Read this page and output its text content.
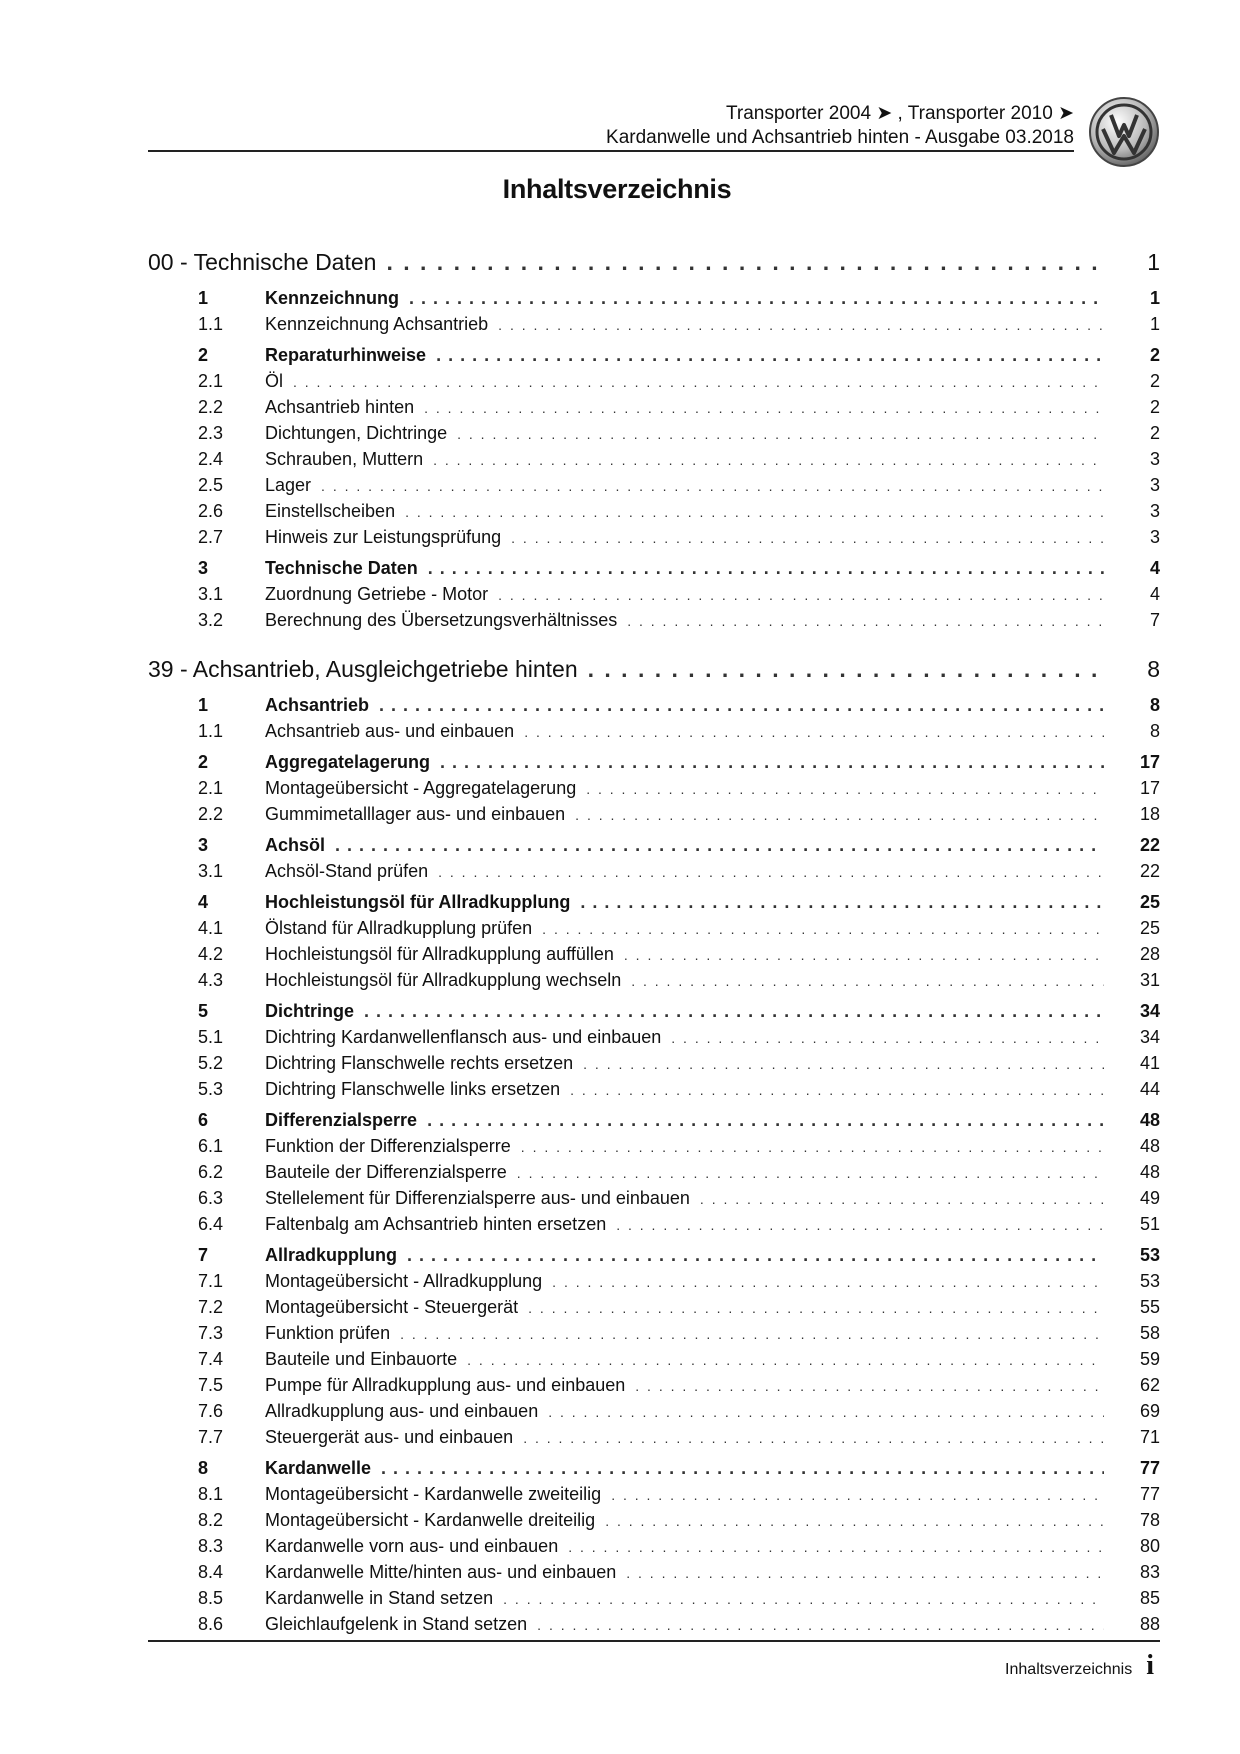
Transporter 2004 ➤ , Transporter 2010 ➤
Kardanwelle und Achsantrieb hinten - Ausgabe 03.2018
Inhaltsverzeichnis
00 - Technische Daten . . .	1
1	Kennzeichnung . . .	1
1.1	Kennzeichnung Achsantrieb . . .	1
2	Reparaturhinweise . . .	2
2.1	Öl . . .	2
2.2	Achsantrieb hinten . . .	2
2.3	Dichtungen, Dichtringe . . .	2
2.4	Schrauben, Muttern . . .	3
2.5	Lager . . .	3
2.6	Einstellscheiben . . .	3
2.7	Hinweis zur Leistungsprüfung . . .	3
3	Technische Daten . . .	4
3.1	Zuordnung Getriebe - Motor . . .	4
3.2	Berechnung des Übersetzungsverhältnisses . . .	7
39 - Achsantrieb, Ausgleichgetriebe hinten . . .	8
1	Achsantrieb . . .	8
1.1	Achsantrieb aus- und einbauen . . .	8
2	Aggregatelagerung . . .	17
2.1	Montageübersicht - Aggregatelagerung . . .	17
2.2	Gummimetalllager aus- und einbauen . . .	18
3	Achsöl . . .	22
3.1	Achsöl-Stand prüfen . . .	22
4	Hochleistungsöl für Allradkupplung . . .	25
4.1	Ölstand für Allradkupplung prüfen . . .	25
4.2	Hochleistungsöl für Allradkupplung auffüllen . . .	28
4.3	Hochleistungsöl für Allradkupplung wechseln . . .	31
5	Dichtringe . . .	34
5.1	Dichtring Kardanwellenflansch aus- und einbauen . . .	34
5.2	Dichtring Flanschwelle rechts ersetzen . . .	41
5.3	Dichtring Flanschwelle links ersetzen . . .	44
6	Differenzialsperre . . .	48
6.1	Funktion der Differenzialsperre . . .	48
6.2	Bauteile der Differenzialsperre . . .	48
6.3	Stellelement für Differenzialsperre aus- und einbauen . . .	49
6.4	Faltenbalg am Achsantrieb hinten ersetzen . . .	51
7	Allradkupplung . . .	53
7.1	Montageübersicht - Allradkupplung . . .	53
7.2	Montageübersicht - Steuergerät . . .	55
7.3	Funktion prüfen . . .	58
7.4	Bauteile und Einbauorte . . .	59
7.5	Pumpe für Allradkupplung aus- und einbauen . . .	62
7.6	Allradkupplung aus- und einbauen . . .	69
7.7	Steuergerät aus- und einbauen . . .	71
8	Kardanwelle . . .	77
8.1	Montageübersicht - Kardanwelle zweiteilig . . .	77
8.2	Montageübersicht - Kardanwelle dreiteilig . . .	78
8.3	Kardanwelle vorn aus- und einbauen . . .	80
8.4	Kardanwelle Mitte/hinten aus- und einbauen . . .	83
8.5	Kardanwelle in Stand setzen . . .	85
8.6	Gleichlaufgelenk in Stand setzen . . .	88
Inhaltsverzeichnis i
